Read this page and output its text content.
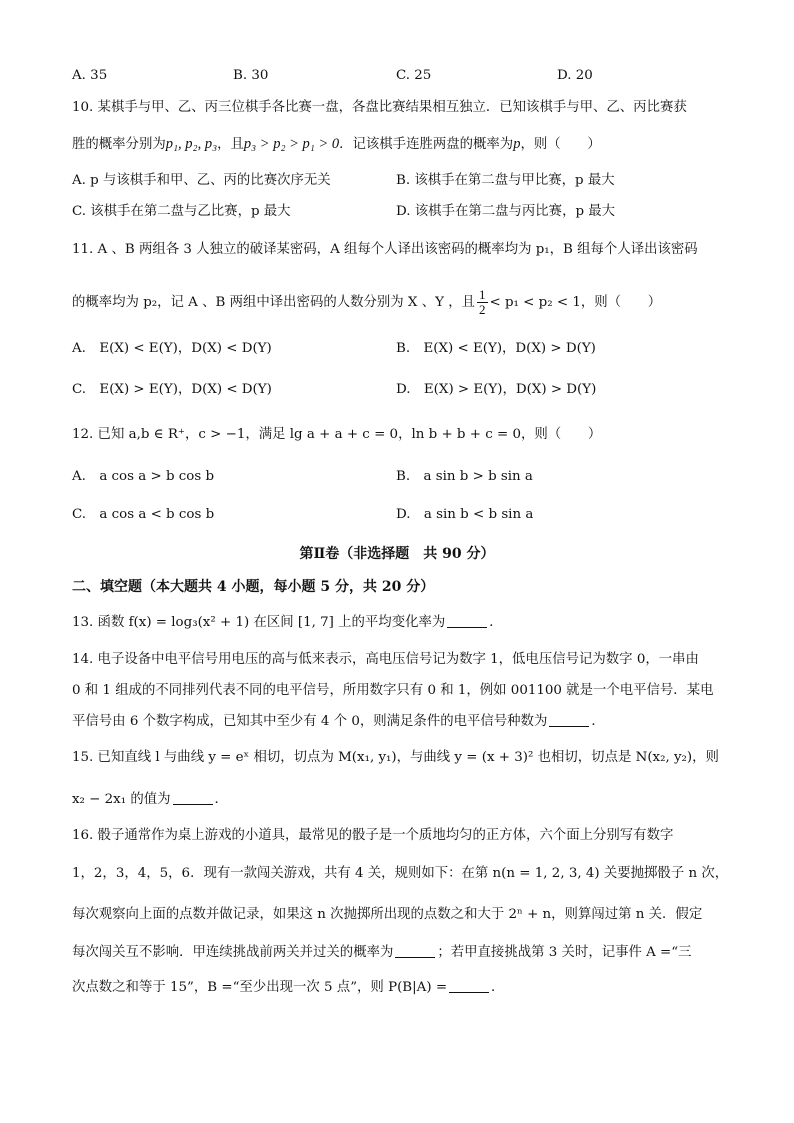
A. 35	B. 30	C. 25	D. 20
10. 某棋手与甲、乙、丙三位棋手各比赛一盘，各盘比赛结果相互独立．已知该棋手与甲、乙、丙比赛获
胜的概率分别为p₁, p₂, p₃，且p₃ > p₂ > p₁ > 0．记该棋手连胜两盘的概率为p，则（　　）
A. p 与该棋手和甲、乙、丙的比赛次序无关	B. 该棋手在第二盘与甲比赛，p 最大
C. 该棋手在第二盘与乙比赛，p 最大	D. 该棋手在第二盘与丙比赛，p 最大
11. A 、B 两组各 3 人独立的破译某密码，A 组每个人译出该密码的概率均为 p₁，B 组每个人译出该密码
的概率均为 p₂，记 A 、B 两组中译出密码的人数分别为 X 、Y ，且 $\frac{1}{2} < p_1 < p_2 < 1$，则（　　）
A.　E(X) < E(Y)，D(X) < D(Y)	B.　E(X) < E(Y)，D(X) > D(Y)
C.　E(X) > E(Y)，D(X) < D(Y)	D.　E(X) > E(Y)，D(X) > D(Y)
12. 已知 a,b ∈ R⁺，c > −1，满足 lg a + a + c = 0，ln b + b + c = 0，则（　　）
A.　a cos a > b cos b	B.　a sin b > b sin a
C.　a cos a < b cos b	D.　a sin b < b sin a
第Ⅱ卷（非选择题　共 90 分）
二、填空题（本大题共 4 小题，每小题 5 分，共 20 分）
13. 函数 f(x) = log₃(x² + 1) 在区间 [1, 7] 上的平均变化率为	．
14. 电子设备中电平信号用电压的高与低来表示，高电压信号记为数字 1，低电压信号记为数字 0，一串由
0 和 1 组成的不同排列代表不同的电平信号，所用数字只有 0 和 1，例如 001100 就是一个电平信号．某电
平信号由 6 个数字构成，已知其中至少有 4 个 0，则满足条件的电平信号种数为	．
15. 已知直线 l 与曲线 y = eˣ 相切，切点为 M(x₁, y₁)，与曲线 y = (x + 3)² 也相切，切点是 N(x₂, y₂)，则
x₂ − 2x₁ 的值为	．
16. 骰子通常作为桌上游戏的小道具，最常见的骰子是一个质地均匀的正方体，六个面上分别写有数字
1，2，3，4，5，6．现有一款闯关游戏，共有 4 关，规则如下：在第 n(n = 1, 2, 3, 4) 关要抛掷骰子 n 次，
每次观察向上面的点数并做记录，如果这 n 次抛掷所出现的点数之和大于 2ⁿ + n，则算闯过第 n 关．假定
每次闯关互不影响．甲连续挑战前两关并过关的概率为	；若甲直接挑战第 3 关时，记事件 A =“三
次点数之和等于 15”，B =“至少出现一次 5 点”，则 P(B|A) =	．
